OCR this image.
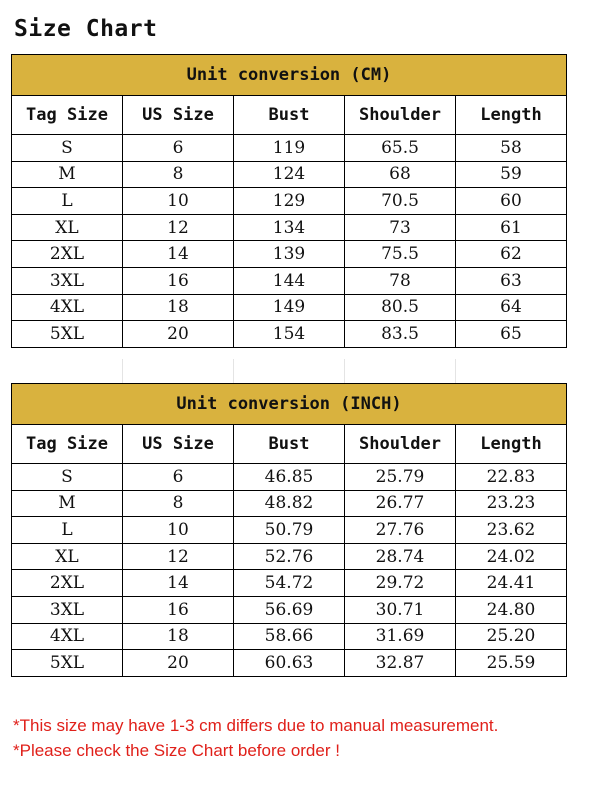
Size Chart
Unit conversion (CM)				
Tag Size	US Size	Bust	Shoulder	Length
S	6	119	65.5	58
M	8	124	68	59
L	10	129	70.5	60
XL	12	134	73	61
2XL	14	139	75.5	62
3XL	16	144	78	63
4XL	18	149	80.5	64
5XL	20	154	83.5	65
Unit conversion (INCH)				
Tag Size	US Size	Bust	Shoulder	Length
S	6	46.85	25.79	22.83
M	8	48.82	26.77	23.23
L	10	50.79	27.76	23.62
XL	12	52.76	28.74	24.02
2XL	14	54.72	29.72	24.41
3XL	16	56.69	30.71	24.80
4XL	18	58.66	31.69	25.20
5XL	20	60.63	32.87	25.59
*This size may have 1-3 cm differs due to manual measurement.
*Please check the Size Chart before order !
